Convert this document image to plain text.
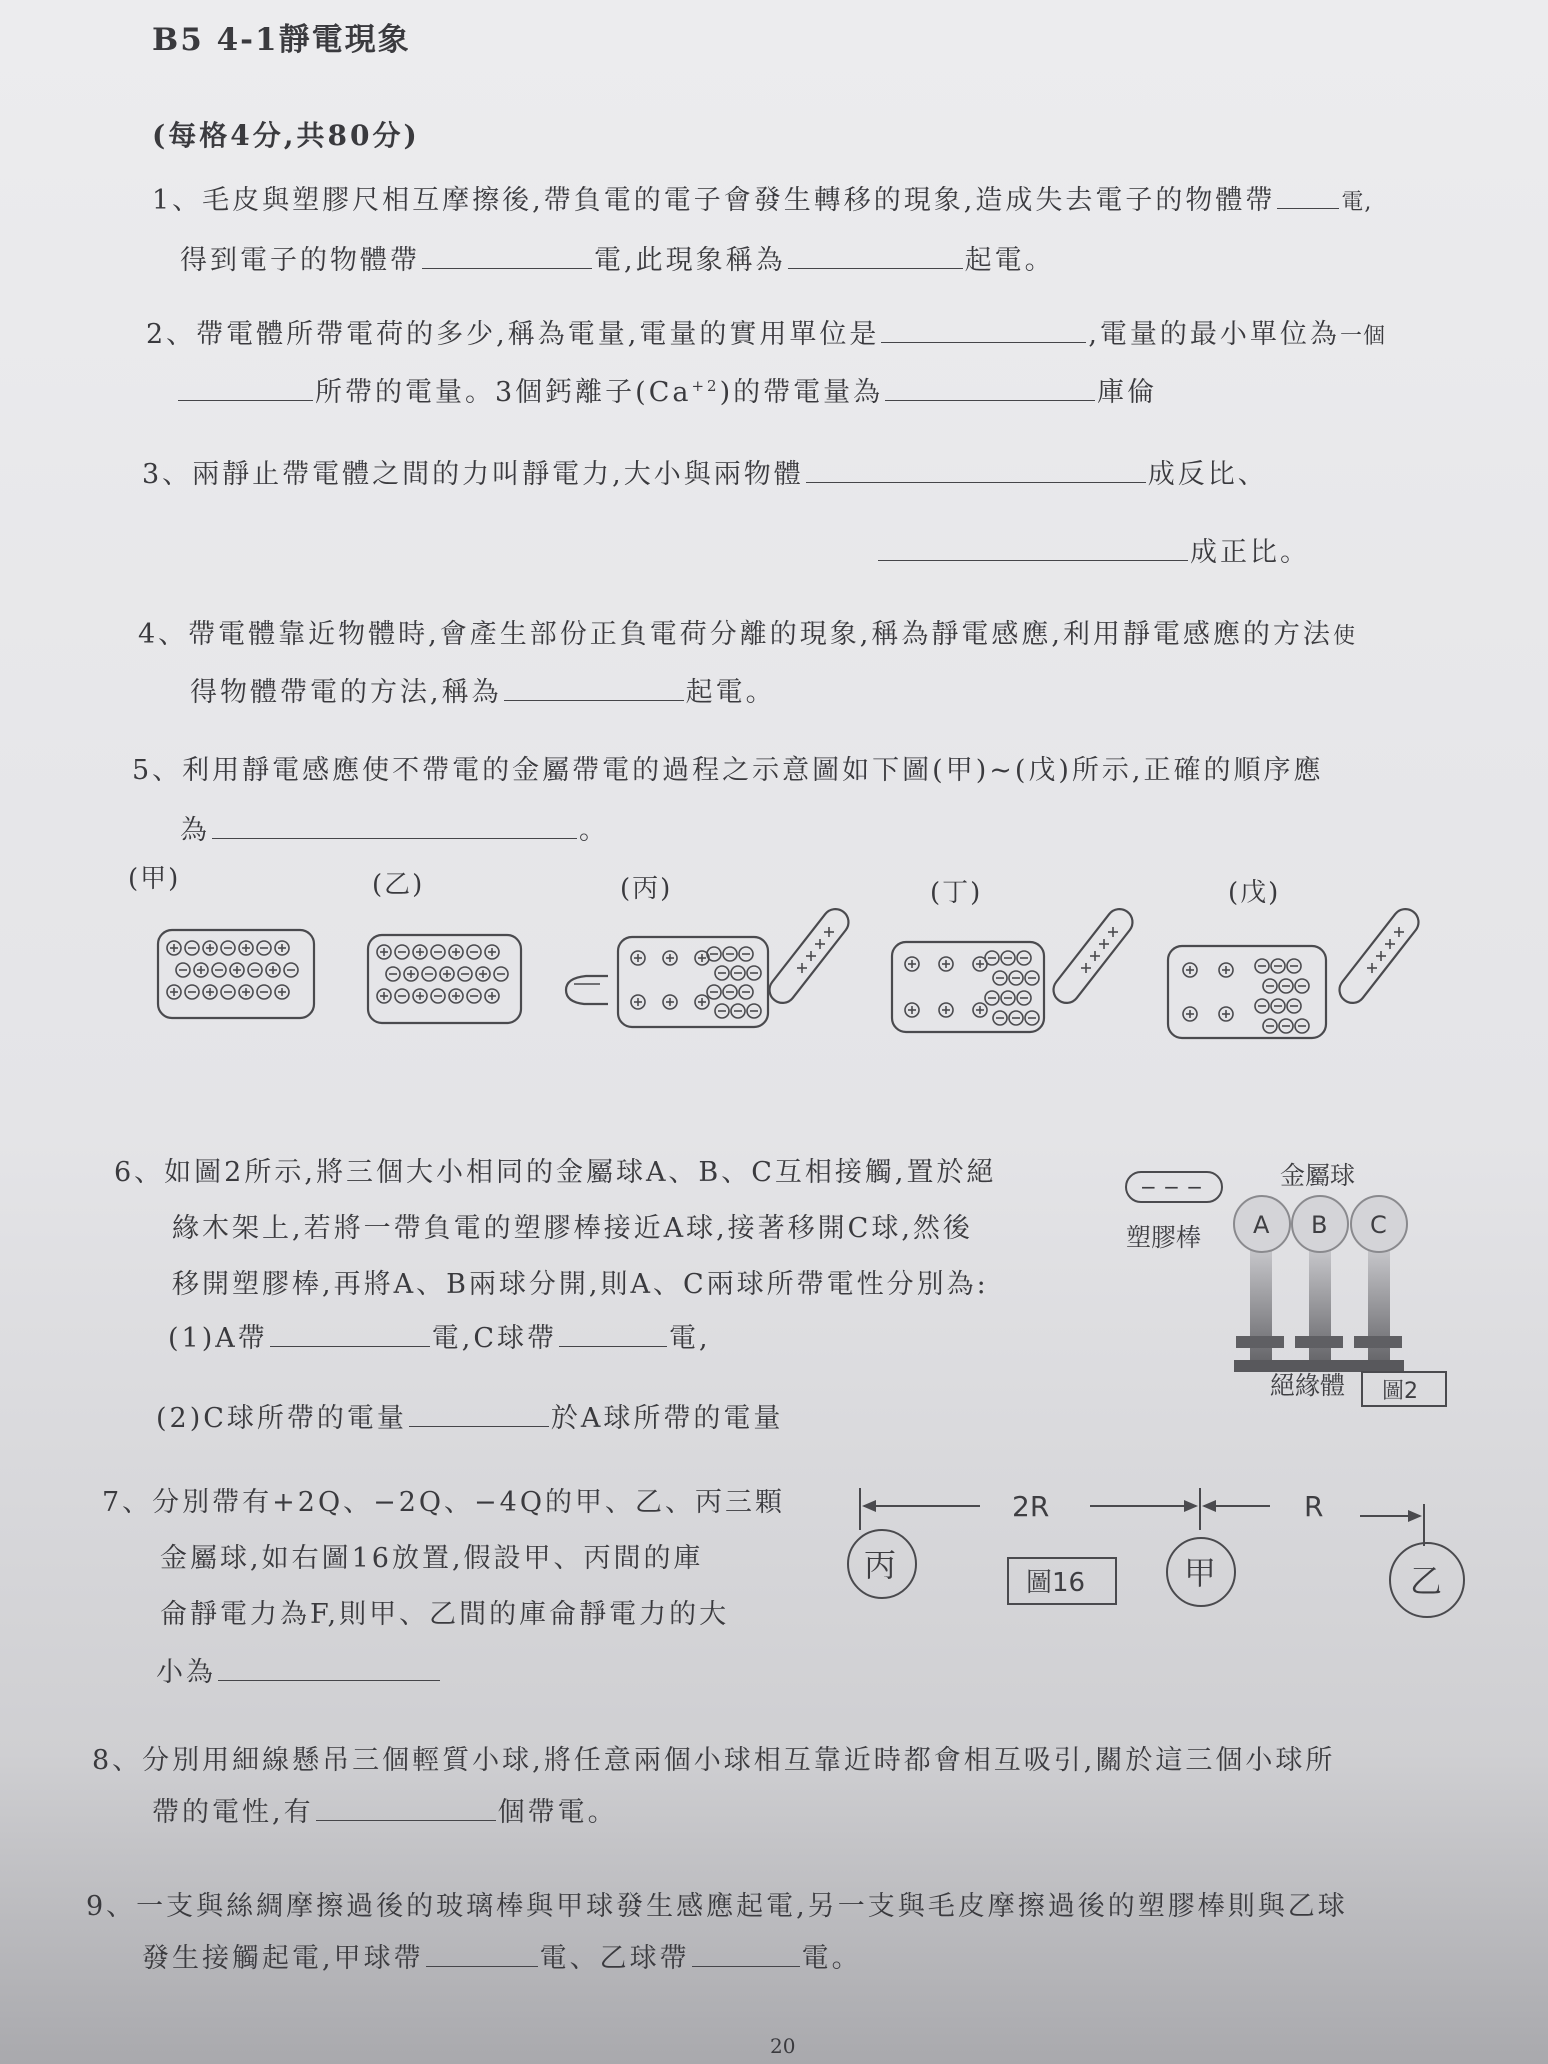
B5 4-1靜電現象
(每格4分,共80分)
1、毛皮與塑膠尺相互摩擦後,帶負電的電子會發生轉移的現象,造成失去電子的物體帶	電,
得到電子的物體帶	電,此現象稱為	起電。
2、帶電體所帶電荷的多少,稱為電量,電量的實用單位是	,電量的最小單位為一個
所帶的電量。3個鈣離子$(Ca^{+2})$的帶電量為	庫倫
3、兩靜止帶電體之間的力叫靜電力,大小與兩物體	成反比、
成正比。
4、帶電體靠近物體時,會產生部份正負電荷分離的現象,稱為靜電感應,利用靜電感應的方法使
得物體帶電的方法,稱為	起電。
5、利用靜電感應使不帶電的金屬帶電的過程之示意圖如下圖(甲)~(戊)所示,正確的順序應
為	。
(甲)	(乙)	(丙)	(丁)	(戊)
6、如圖2所示,將三個大小相同的金屬球A、B、C互相接觸,置於絕
緣木架上,若將一帶負電的塑膠棒接近A球,接著移開C球,然後
移開塑膠棒,再將A、B兩球分開,則A、C兩球所帶電性分別為:
(1)A帶	電,C球帶	電,
(2)C球所帶的電量	於A球所帶的電量
金屬球
− − −
塑膠棒 A B C
絕緣體 圖2
7、分別帶有+2Q、−2Q、−4Q的甲、乙、丙三顆
金屬球,如右圖16放置,假設甲、丙間的庫
侖靜電力為F,則甲、乙間的庫侖靜電力的大
小為
2R	R
圖16
丙	甲	乙
8、分別用細線懸吊三個輕質小球,將任意兩個小球相互靠近時都會相互吸引,關於這三個小球所
帶的電性,有	個帶電。
9、一支與絲綢摩擦過後的玻璃棒與甲球發生感應起電,另一支與毛皮摩擦過後的塑膠棒則與乙球
發生接觸起電,甲球帶	電、乙球帶	電。
20
